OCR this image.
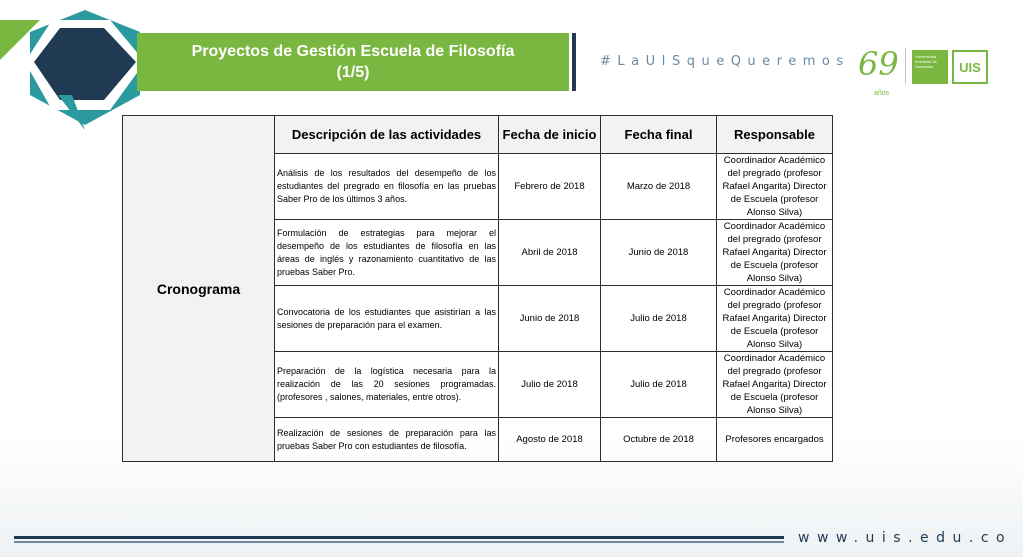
Proyectos de Gestión Escuela de Filosofía
(1/5)
#LaUISqueQueremos 69
años
Universidad Industrial de Santander	UIS
Cronograma	Descripción de las actividades	Fecha de inicio	Fecha final	Responsable
	Análisis de los resultados del desempeño de los estudiantes del pregrado en filosofía en las pruebas Saber Pro de los últimos 3 años.	Febrero de 2018	Marzo de 2018	Coordinador Académico del pregrado (profesor Rafael Angarita) Director de Escuela (profesor Alonso Silva)
	Formulación de estrategias para mejorar el desempeño de los estudiantes de filosofía en las áreas de inglés y razonamiento cuantitativo de las pruebas Saber Pro.	Abril de 2018	Junio de 2018	Coordinador Académico del pregrado (profesor Rafael Angarita) Director de Escuela (profesor Alonso Silva)
	Convocatoria de los estudiantes que asistirían a las sesiones de preparación para el examen.	Junio de 2018	Julio de 2018	Coordinador Académico del pregrado (profesor Rafael Angarita) Director de Escuela (profesor Alonso Silva)
	Preparación de la logística necesaria para la realización de las 20 sesiones programadas. (profesores , salones, materiales, entre otros).	Julio de 2018	Julio de 2018	Coordinador Académico del pregrado (profesor Rafael Angarita) Director de Escuela (profesor Alonso Silva)
	Realización de sesiones de preparación para las pruebas Saber Pro con estudiantes de filosofía.	Agosto de 2018	Octubre de 2018	Profesores encargados
www.uis.edu.co
